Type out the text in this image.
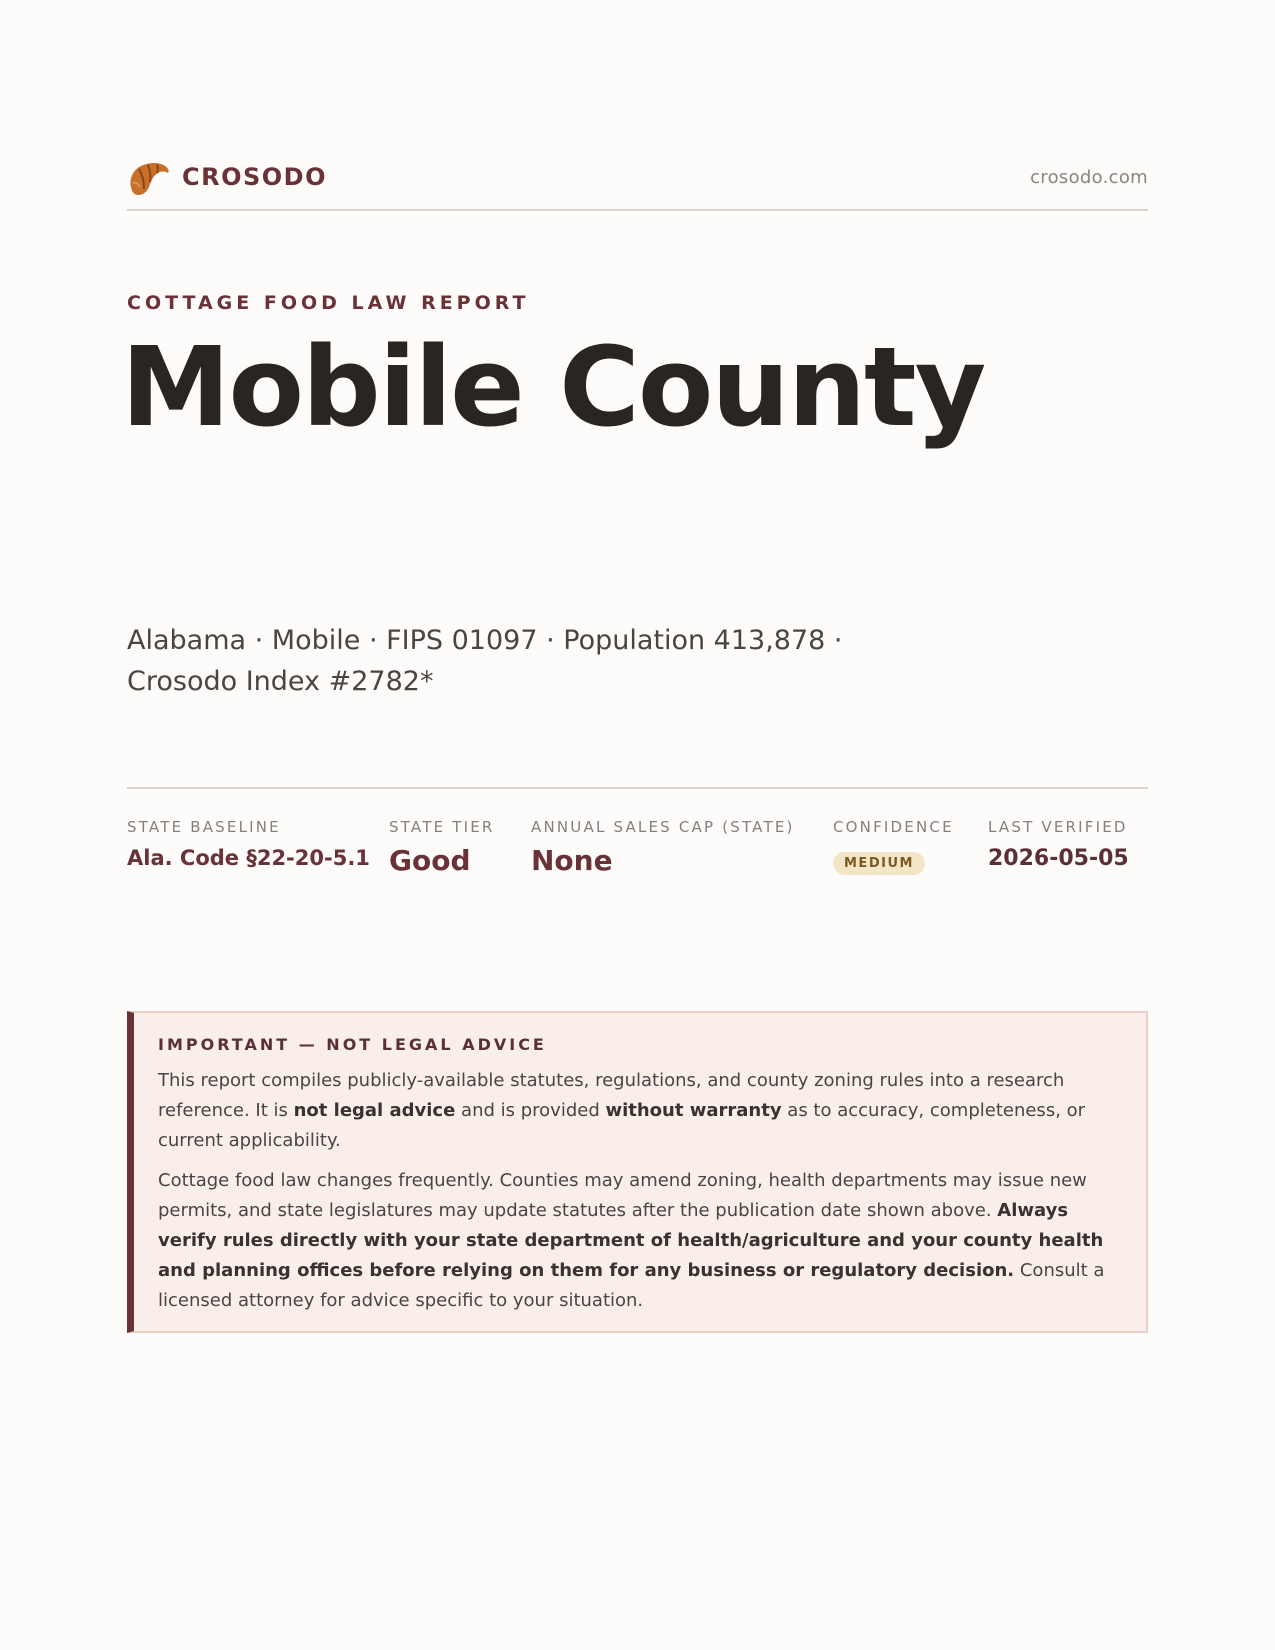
CROSODO	crosodo.com
COTTAGE FOOD LAW REPORT
Mobile County
Alabama · Mobile · FIPS 01097 · Population 413,878 ·
Crosodo Index #2782*
STATE BASELINE
Ala. Code §22-20-5.1
STATE TIER
Good
ANNUAL SALES CAP (STATE)
None
CONFIDENCE
MEDIUM
LAST VERIFIED
2026-05-05
IMPORTANT — NOT LEGAL ADVICE

This report compiles publicly-available statutes, regulations, and county zoning rules into a research reference. It is not legal advice and is provided without warranty as to accuracy, completeness, or current applicability.

Cottage food law changes frequently. Counties may amend zoning, health departments may issue new permits, and state legislatures may update statutes after the publication date shown above. Always verify rules directly with your state department of health/agriculture and your county health and planning offices before relying on them for any business or regulatory decision. Consult a licensed attorney for advice specific to your situation.
